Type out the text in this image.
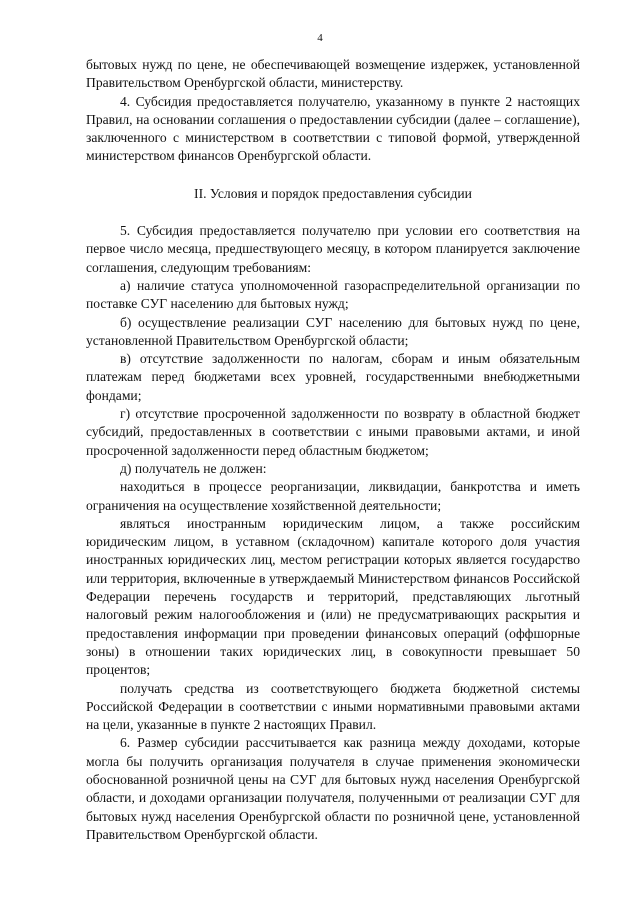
4

бытовых нужд по цене, не обеспечивающей возмещение издержек, установленной Правительством Оренбургской области, министерству.

4. Субсидия предоставляется получателю, указанному в пункте 2 настоящих Правил, на основании соглашения о предоставлении субсидии (далее – соглашение), заключенного с министерством в соответствии с типовой формой, утвержденной министерством финансов Оренбургской области.

II. Условия и порядок предоставления субсидии

5. Субсидия предоставляется получателю при условии его соответствия на первое число месяца, предшествующего месяцу, в котором планируется заключение соглашения, следующим требованиям:

а) наличие статуса уполномоченной газораспределительной организации по поставке СУГ населению для бытовых нужд;

б) осуществление реализации СУГ населению для бытовых нужд по цене, установленной Правительством Оренбургской области;

в) отсутствие задолженности по налогам, сборам и иным обязательным платежам перед бюджетами всех уровней, государственными внебюджетными фондами;

г) отсутствие просроченной задолженности по возврату в областной бюджет субсидий, предоставленных в соответствии с иными правовыми актами, и иной просроченной задолженности перед областным бюджетом;

д) получатель не должен:

находиться в процессе реорганизации, ликвидации, банкротства и иметь ограничения на осуществление хозяйственной деятельности;

являться иностранным юридическим лицом, а также российским юридическим лицом, в уставном (складочном) капитале которого доля участия иностранных юридических лиц, местом регистрации которых является государство или территория, включенные в утверждаемый Министерством финансов Российской Федерации перечень государств и территорий, представляющих льготный налоговый режим налогообложения и (или) не предусматривающих раскрытия и предоставления информации при проведении финансовых операций (оффшорные зоны) в отношении таких юридических лиц, в совокупности превышает 50 процентов;

получать средства из соответствующего бюджета бюджетной системы Российской Федерации в соответствии с иными нормативными правовыми актами на цели, указанные в пункте 2 настоящих Правил.

6. Размер субсидии рассчитывается как разница между доходами, которые могла бы получить организация получателя в случае применения экономически обоснованной розничной цены на СУГ для бытовых нужд населения Оренбургской области, и доходами организации получателя, полученными от реализации СУГ для бытовых нужд населения Оренбургской области по розничной цене, установленной Правительством Оренбургской области.
